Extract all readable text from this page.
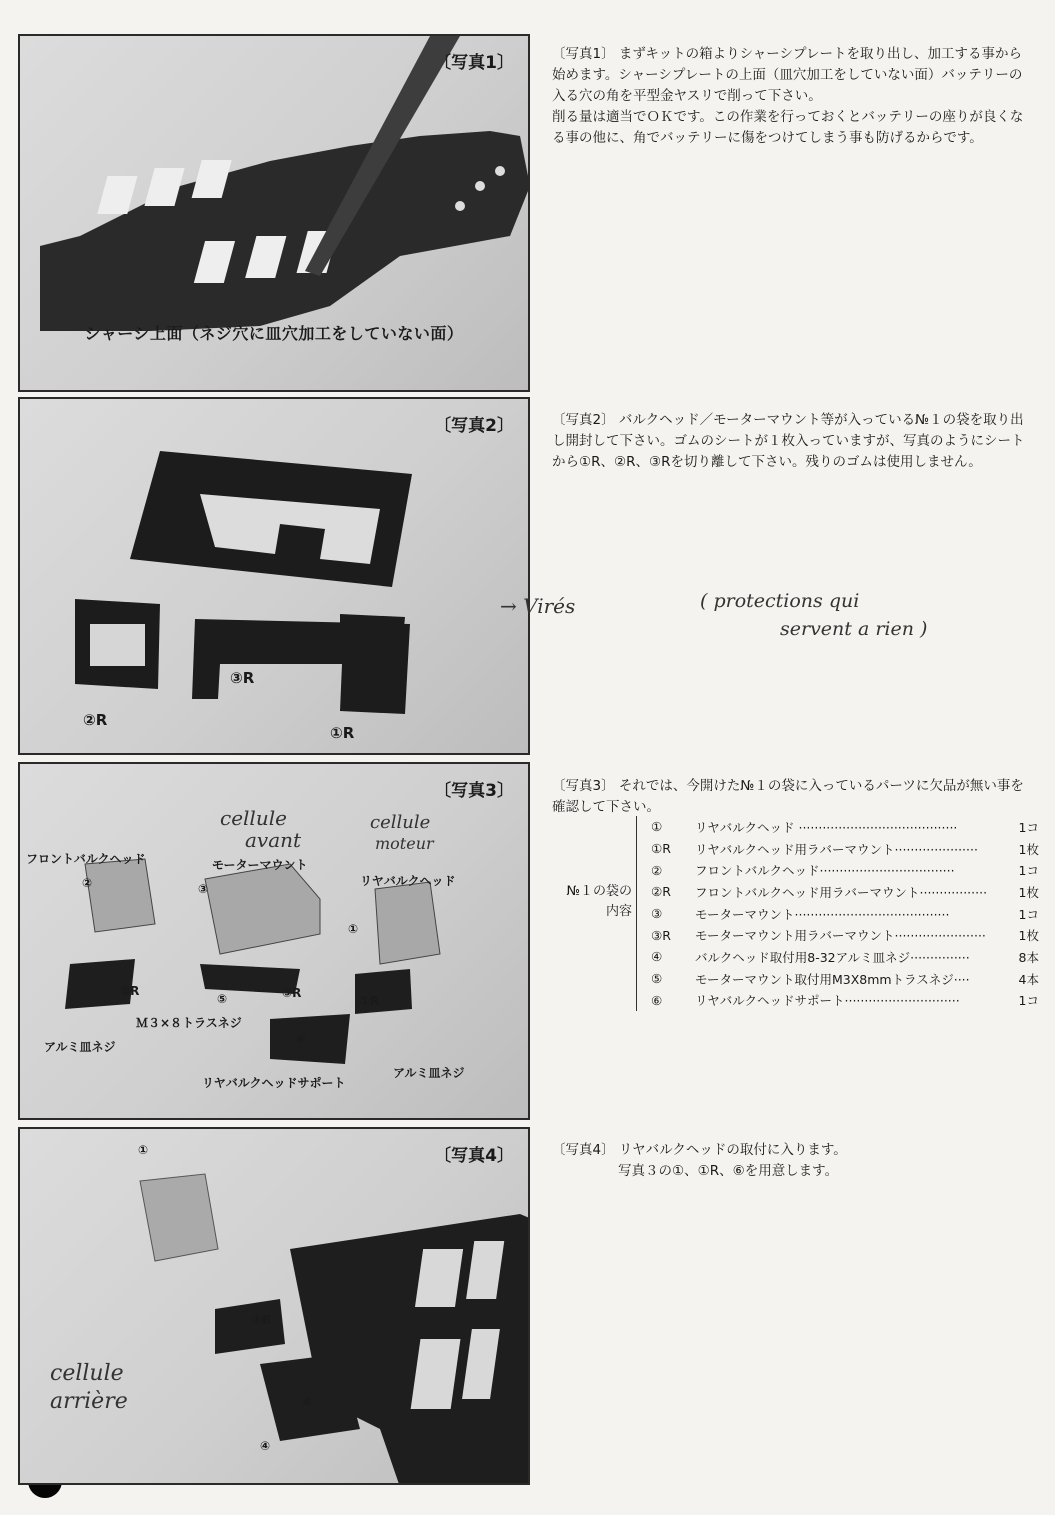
〔写真1〕
シャーシ上面（ネジ穴に皿穴加工をしていない面）

〔写真1〕 まずキットの箱よりシャーシプレートを取り出し、加工する事から始めます。シャーシプレートの上面（皿穴加工をしていない面）バッテリーの入る穴の角を平型金ヤスリで削って下さい。

削る量は適当でＯＫです。この作業を行っておくとバッテリーの座りが良くなる事の他に、角でバッテリーに傷をつけてしまう事も防げるからです。

〔写真2〕
②R
③R
①R

〔写真2〕 バルクヘッド／モーターマウント等が入っている№１の袋を取り出し開封して下さい。ゴムのシートが１枚入っていますが、写真のようにシートから①R、②R、③Rを切り離して下さい。残りのゴムは使用しません。

→ Virés	( protections qui
servent a rien )
〔写真3〕
フロントバルクヘッド	モーターマウント
リヤバルクヘッド
②	③
①
②R
⑤	③R
①R
Ｍ３×８トラスネジ
⑥
アルミ皿ネジ
アルミ皿ネジ
リヤバルクヘッドサポート
cellule
avant
cellule
moteur

〔写真3〕 それでは、今開けた№１の袋に入っているパーツに欠品が無い事を確認して下さい。

№１の袋の
内容
①	リヤバルクヘッド ········································	1コ
①R	リヤバルクヘッド用ラバーマウント·····················	1枚
②	フロントバルクヘッド··································	1コ
②R	フロントバルクヘッド用ラバーマウント·················	1枚
③	モーターマウント·······································	1コ
③R	モーターマウント用ラバーマウント·······················	1枚
④	バルクヘッド取付用8-32アルミ皿ネジ···············	8本
⑤	モーターマウント取付用M3X8mmトラスネジ····	4本
⑥	リヤバルクヘッドサポート·····························	1コ
〔写真4〕
①
①R
⑥
④
cellule
arrière

〔写真4〕 リヤバルクヘッドの取付に入ります。

写真３の①、①R、⑥を用意します。
